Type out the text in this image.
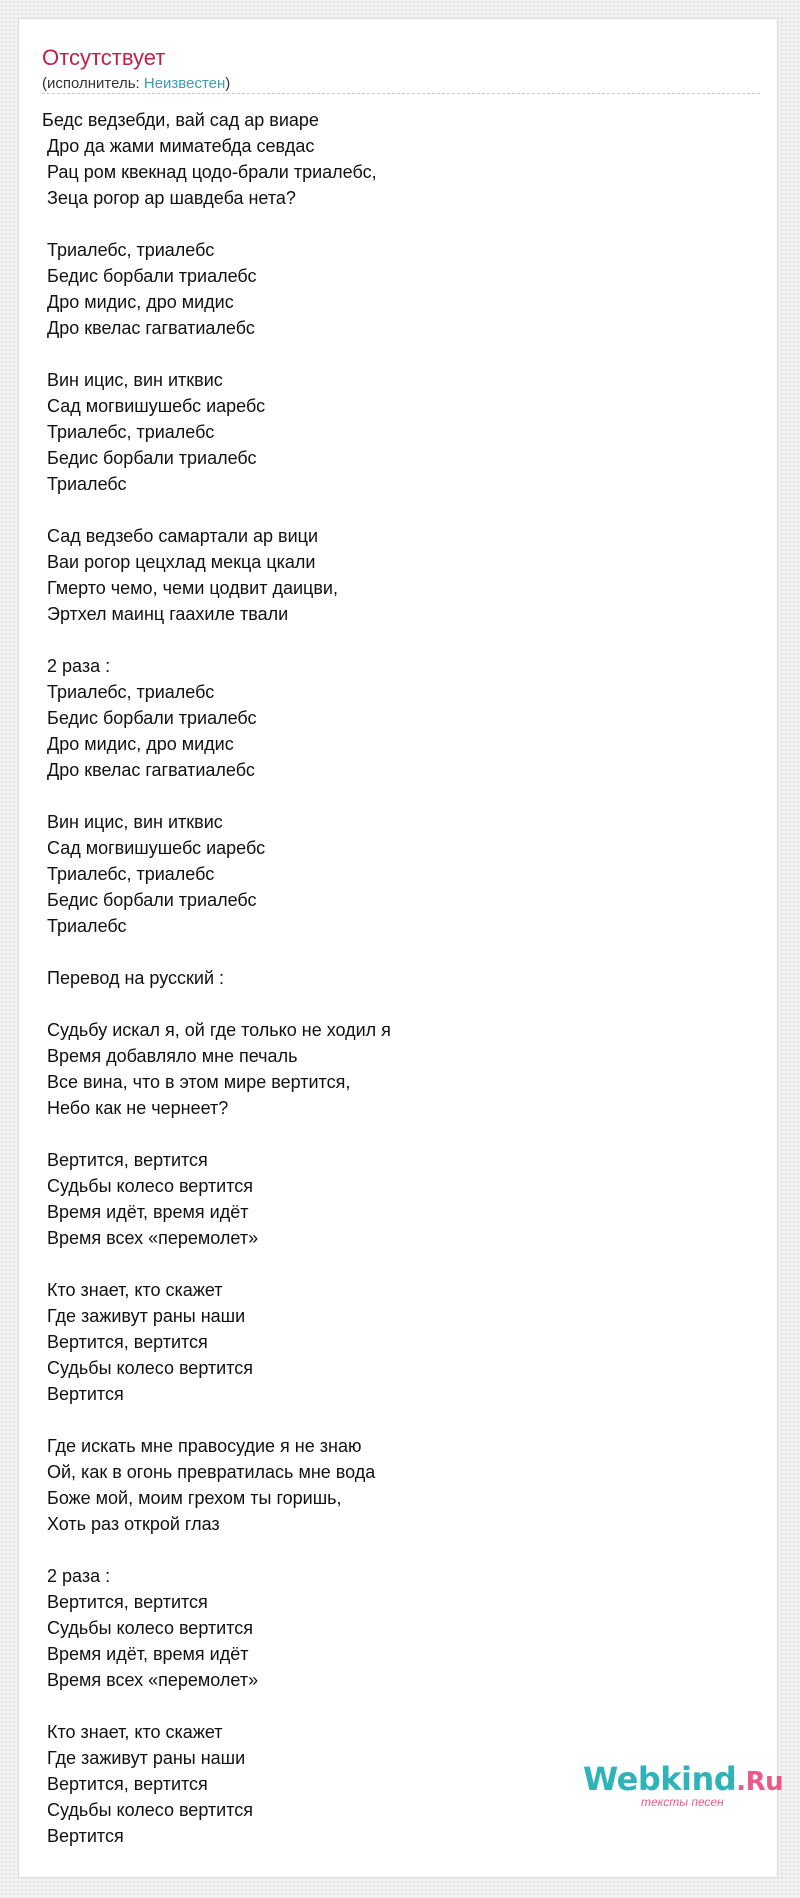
Отсутствует
(исполнитель: Неизвестен)
Бедс ведзебди, вай сад ар виаре
Дро да жами миматебда севдас
Рац ром квекнад цодо-брали триалебс,
Зеца рогор ар шавдеба нета?

Триалебс, триалебс
Бедис борбали триалебс
Дро мидис, дро мидис
Дро квелас гагватиалебс

Вин ицис, вин итквис
Сад могвишушебс иаребс
Триалебс, триалебс
Бедис борбали триалебс
Триалебс

Сад ведзебо самартали ар вици
Ваи рогор цецхлад мекца цкали
Гмерто чемо, чеми цодвит даицви,
Эртхел маинц гаахиле твали

2 раза :
Триалебс, триалебс
Бедис борбали триалебс
Дро мидис, дро мидис
Дро квелас гагватиалебс

Вин ицис, вин итквис
Сад могвишушебс иаребс
Триалебс, триалебс
Бедис борбали триалебс
Триалебс

Перевод на русский :

Судьбу искал я, ой где только не ходил я
Время добавляло мне печаль
Все вина, что в этом мире вертится,
Небо как не чернеет?

Вертится, вертится
Судьбы колесо вертится
Время идёт, время идёт
Время всех «перемолет»

Кто знает, кто скажет
Где заживут раны наши
Вертится, вертится
Судьбы колесо вертится
Вертится

Где искать мне правосудие я не знаю
Ой, как в огонь превратилась мне вода
Боже мой, моим грехом ты горишь,
Хоть раз открой глаз

2 раза :
Вертится, вертится
Судьбы колесо вертится
Время идёт, время идёт
Время всех «перемолет»

Кто знает, кто скажет
Где заживут раны наши
Вертится, вертится
Судьбы колесо вертится
Вертится
Webkind.Ru
тексты песен
